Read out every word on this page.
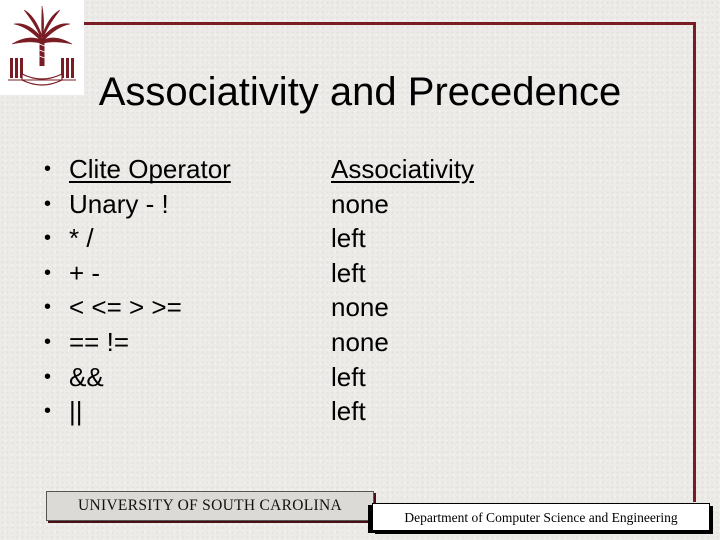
Associativity and Precedence
• Clite Operator	Associativity
• Unary - !	none
• * /	left
• + -	left
• < <= > >=	none
• == !=	none
• &&	left
• ||	left
UNIVERSITY OF SOUTH CAROLINA
Department of Computer Science and Engineering
